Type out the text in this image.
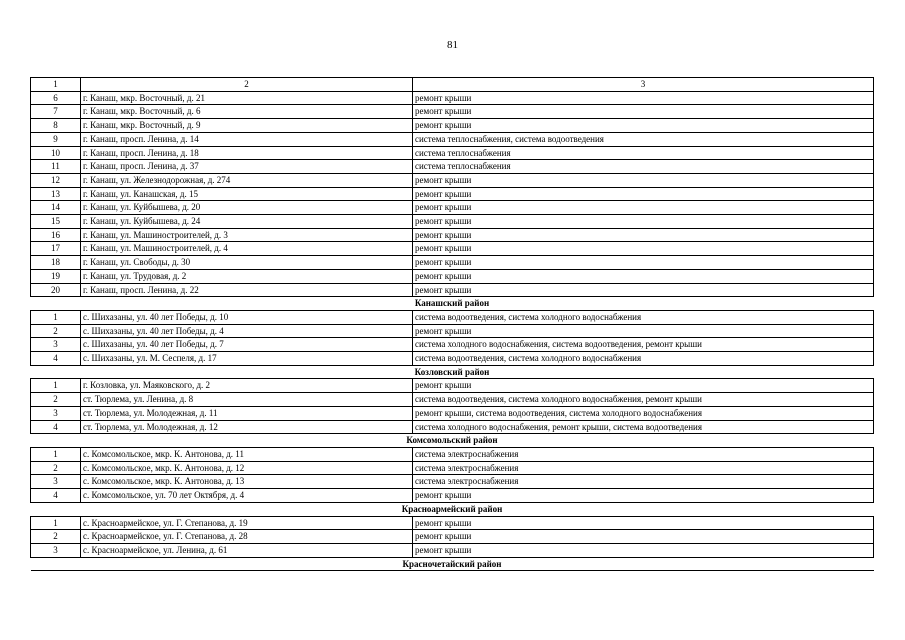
81
1	2	3
6	г. Канаш, мкр. Восточный, д. 21	ремонт крыши
7	г. Канаш, мкр. Восточный, д. 6	ремонт крыши
8	г. Канаш, мкр. Восточный, д. 9	ремонт крыши
9	г. Канаш, просп. Ленина, д. 14	система теплоснабжения, система водоотведения
10	г. Канаш, просп. Ленина, д. 18	система теплоснабжения
11	г. Канаш, просп. Ленина, д. 37	система теплоснабжения
12	г. Канаш, ул. Железнодорожная, д. 274	ремонт крыши
13	г. Канаш, ул. Канашская, д. 15	ремонт крыши
14	г. Канаш, ул. Куйбышева, д. 20	ремонт крыши
15	г. Канаш, ул. Куйбышева, д. 24	ремонт крыши
16	г. Канаш, ул. Машиностроителей, д. 3	ремонт крыши
17	г. Канаш, ул. Машиностроителей, д. 4	ремонт крыши
18	г. Канаш, ул. Свободы, д. 30	ремонт крыши
19	г. Канаш, ул. Трудовая, д. 2	ремонт крыши
20	г. Канаш, просп. Ленина, д. 22	ремонт крыши
Канашский район		
1	с. Шихазаны, ул. 40 лет Победы, д. 10	система водоотведения, система холодного водоснабжения
2	с. Шихазаны, ул. 40 лет Победы, д. 4	ремонт крыши
3	с. Шихазаны, ул. 40 лет Победы, д. 7	система холодного водоснабжения, система водоотведения, ремонт крыши
4	с. Шихазаны, ул. М. Сеспеля, д. 17	система водоотведения, система холодного водоснабжения
Козловский район		
1	г. Козловка, ул. Маяковского, д. 2	ремонт крыши
2	ст. Тюрлема, ул. Ленина, д. 8	система водоотведения, система холодного водоснабжения, ремонт крыши
3	ст. Тюрлема, ул. Молодежная, д. 11	ремонт крыши, система водоотведения, система холодного водоснабжения
4	ст. Тюрлема, ул. Молодежная, д. 12	система холодного водоснабжения, ремонт крыши, система водоотведения
Комсомольский район		
1	с. Комсомольское, мкр. К. Антонова, д. 11	система электроснабжения
2	с. Комсомольское, мкр. К. Антонова, д. 12	система электроснабжения
3	с. Комсомольское, мкр. К. Антонова, д. 13	система электроснабжения
4	с. Комсомольское, ул. 70 лет Октября, д. 4	ремонт крыши
Красноармейский район		
1	с. Красноармейское, ул. Г. Степанова, д. 19	ремонт крыши
2	с. Красноармейское, ул. Г. Степанова, д. 28	ремонт крыши
3	с. Красноармейское, ул. Ленина, д. 61	ремонт крыши
Красночетайский район		
